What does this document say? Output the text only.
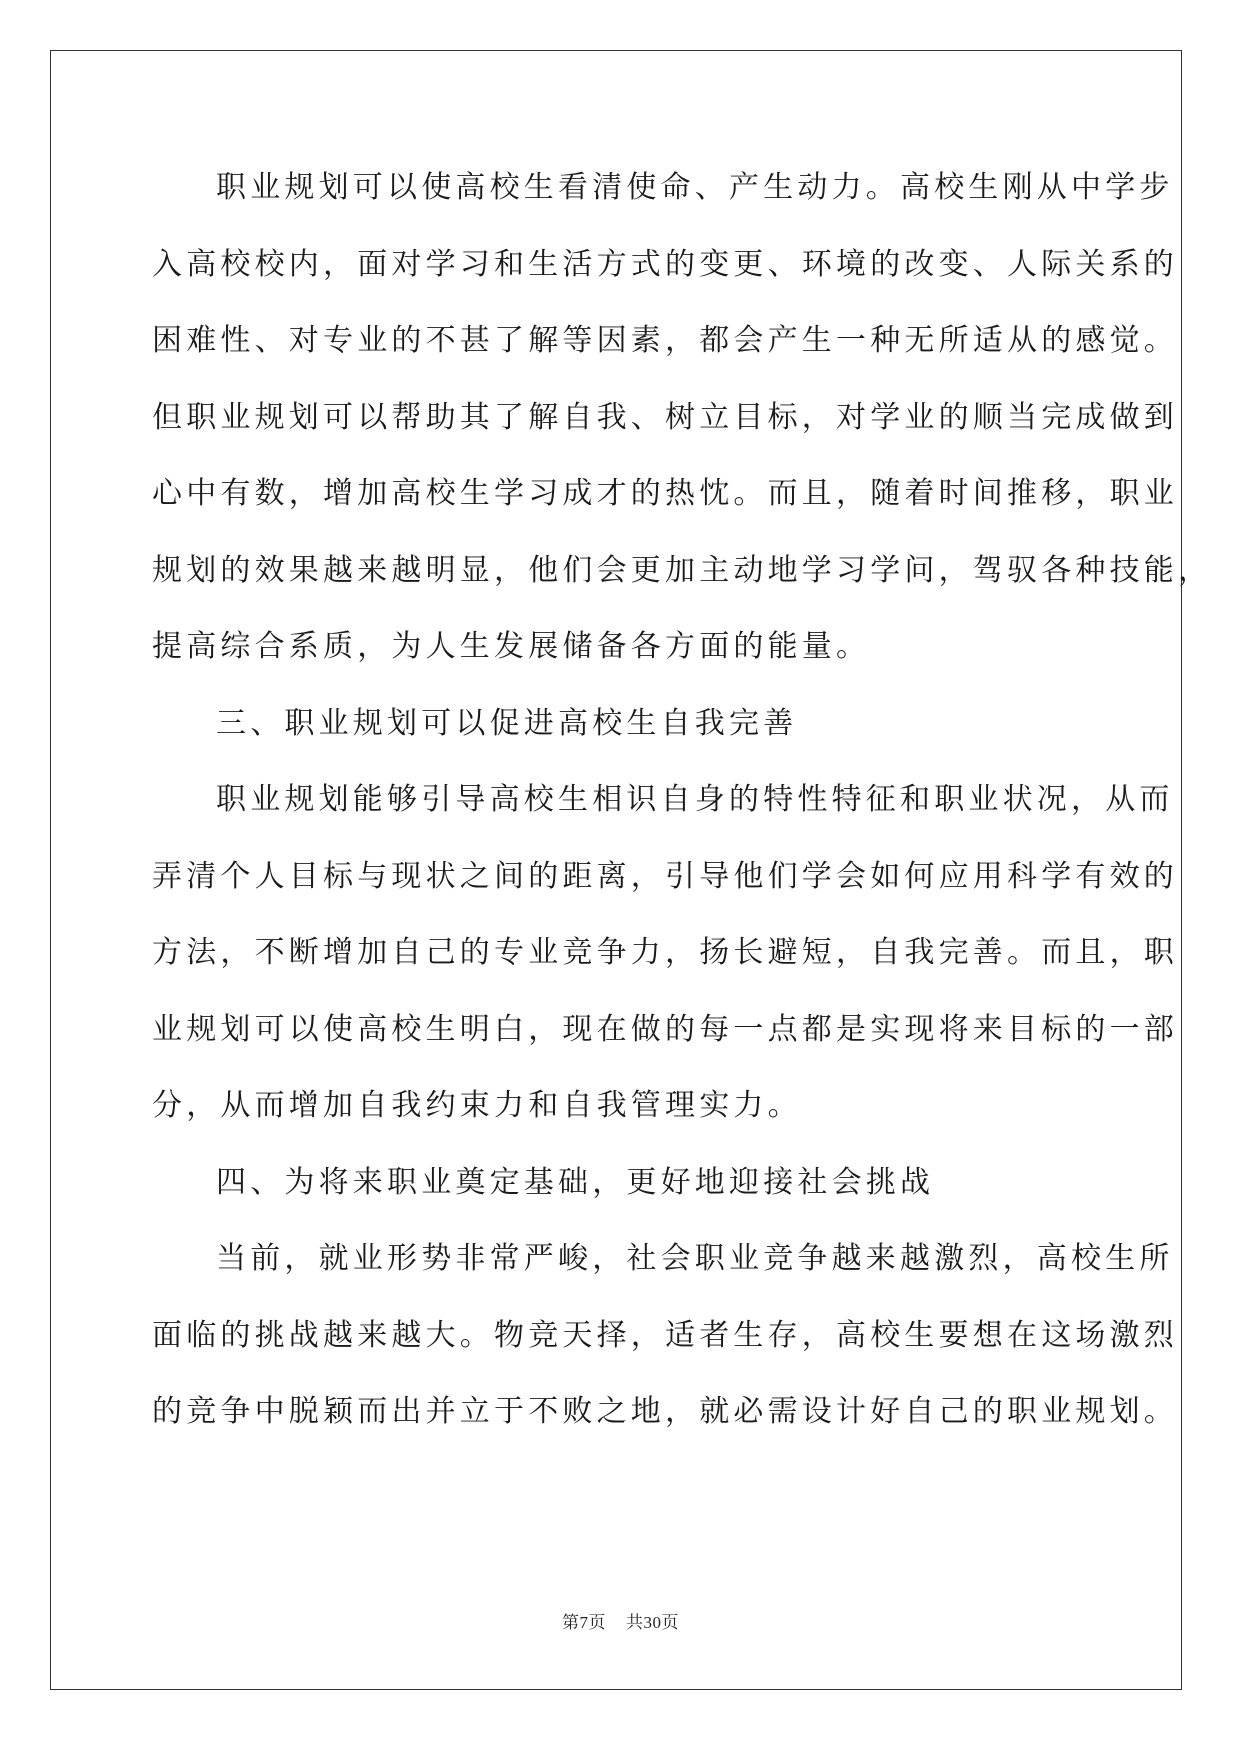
职业规划可以使高校生看清使命、产生动力。高校生刚从中学步
入高校校内，面对学习和生活方式的变更、环境的改变、人际关系的
困难性、对专业的不甚了解等因素，都会产生一种无所适从的感觉。
但职业规划可以帮助其了解自我、树立目标，对学业的顺当完成做到
心中有数，增加高校生学习成才的热忱。而且，随着时间推移，职业
规划的效果越来越明显，他们会更加主动地学习学问，驾驭各种技能，
提高综合系质，为人生发展储备各方面的能量。
三、职业规划可以促进高校生自我完善
职业规划能够引导高校生相识自身的特性特征和职业状况，从而
弄清个人目标与现状之间的距离，引导他们学会如何应用科学有效的
方法，不断增加自己的专业竞争力，扬长避短，自我完善。而且，职
业规划可以使高校生明白，现在做的每一点都是实现将来目标的一部
分，从而增加自我约束力和自我管理实力。
四、为将来职业奠定基础，更好地迎接社会挑战
当前，就业形势非常严峻，社会职业竞争越来越激烈，高校生所
面临的挑战越来越大。物竞天择，适者生存，高校生要想在这场激烈
的竞争中脱颖而出并立于不败之地，就必需设计好自己的职业规划。
第7页 共30页
